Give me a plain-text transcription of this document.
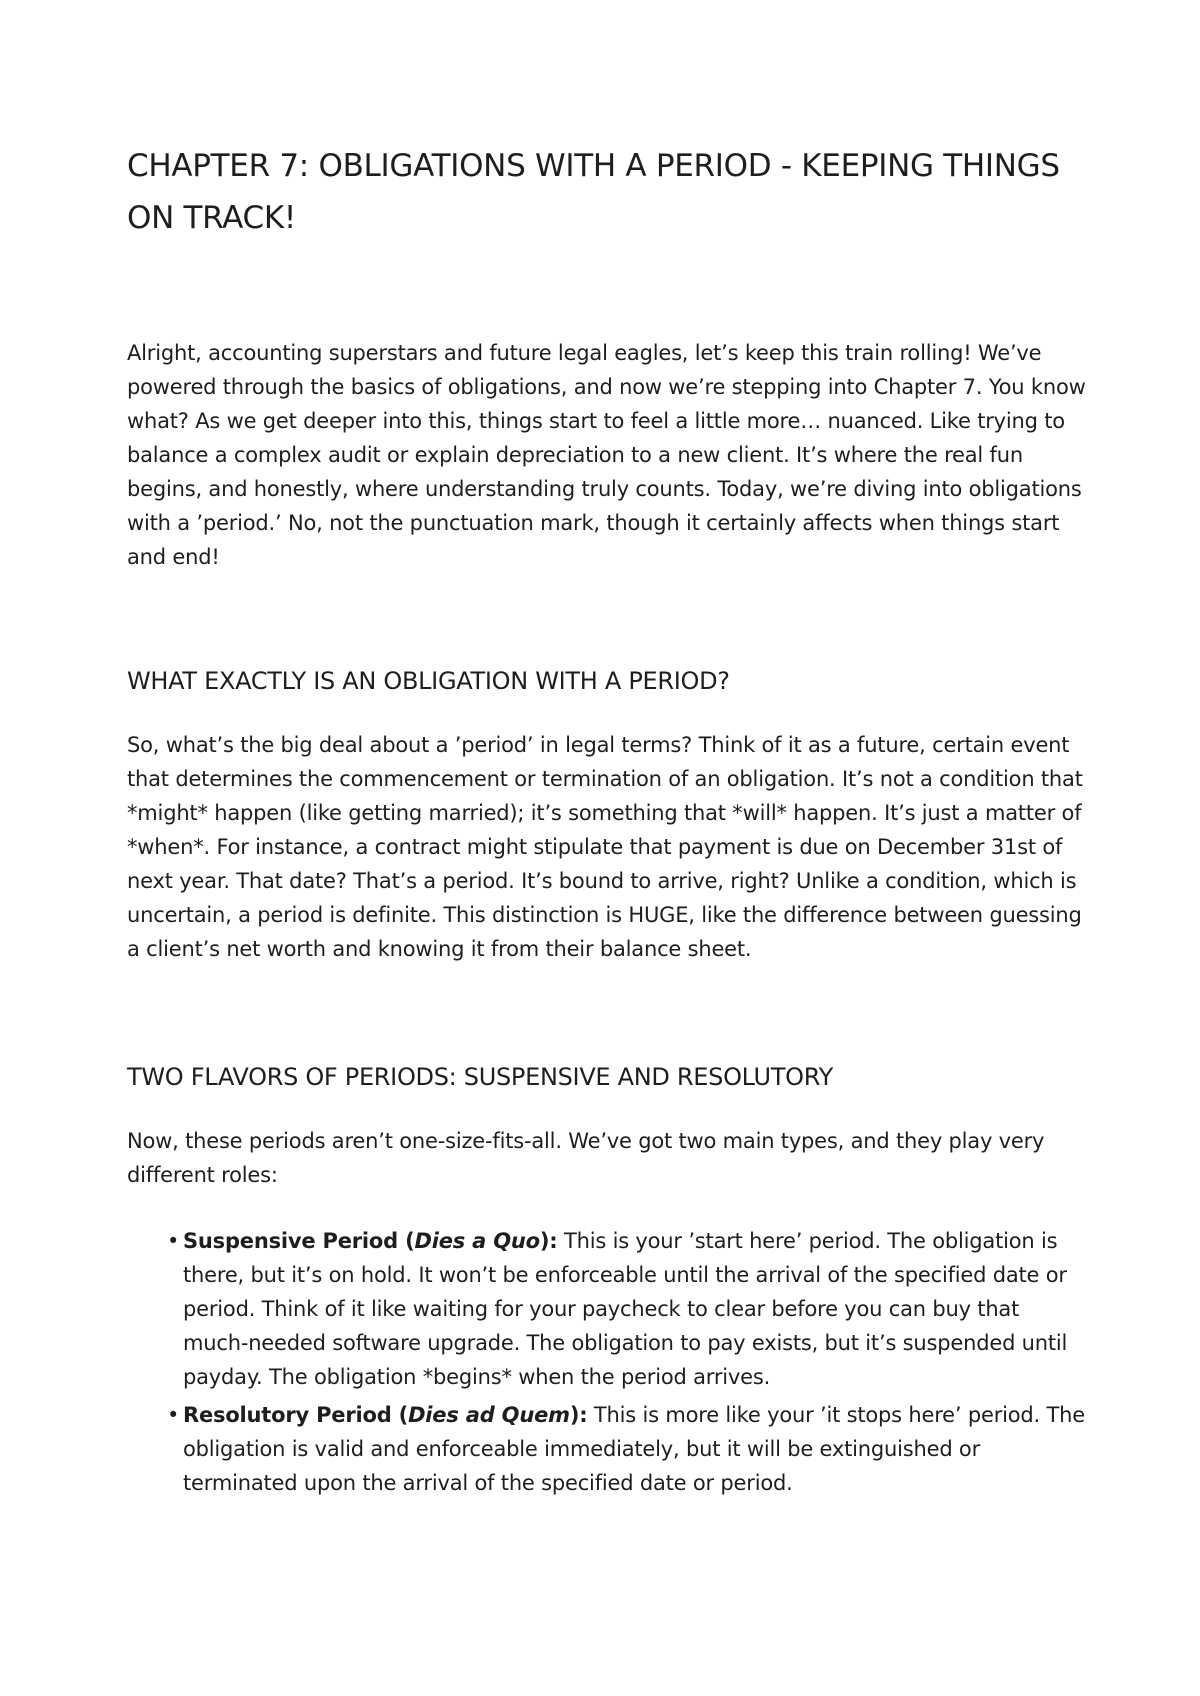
CHAPTER 7: OBLIGATIONS WITH A PERIOD - KEEPING THINGS ON TRACK!

Alright, accounting superstars and future legal eagles, let’s keep this train rolling! We’ve powered through the basics of obligations, and now we’re stepping into Chapter 7. You know what? As we get deeper into this, things start to feel a little more… nuanced. Like trying to balance a complex audit or explain depreciation to a new client. It’s where the real fun begins, and honestly, where understanding truly counts. Today, we’re diving into obligations with a ’period.’ No, not the punctuation mark, though it certainly affects when things start and end!

WHAT EXACTLY IS AN OBLIGATION WITH A PERIOD?

So, what’s the big deal about a ’period’ in legal terms? Think of it as a future, certain event that determines the commencement or termination of an obligation. It’s not a condition that *might* happen (like getting married); it’s something that *will* happen. It’s just a matter of *when*. For instance, a contract might stipulate that payment is due on December 31st of next year. That date? That’s a period. It’s bound to arrive, right? Unlike a condition, which is uncertain, a period is definite. This distinction is HUGE, like the difference between guessing a client’s net worth and knowing it from their balance sheet.

TWO FLAVORS OF PERIODS: SUSPENSIVE AND RESOLUTORY

Now, these periods aren’t one-size-fits-all. We’ve got two main types, and they play very different roles:

• Suspensive Period (Dies a Quo): This is your ’start here’ period. The obligation is there, but it’s on hold. It won’t be enforceable until the arrival of the specified date or period. Think of it like waiting for your paycheck to clear before you can buy that much-needed software upgrade. The obligation to pay exists, but it’s suspended until payday. The obligation *begins* when the period arrives.
• Resolutory Period (Dies ad Quem): This is more like your ’it stops here’ period. The obligation is valid and enforceable immediately, but it will be extinguished or terminated upon the arrival of the specified date or period.
